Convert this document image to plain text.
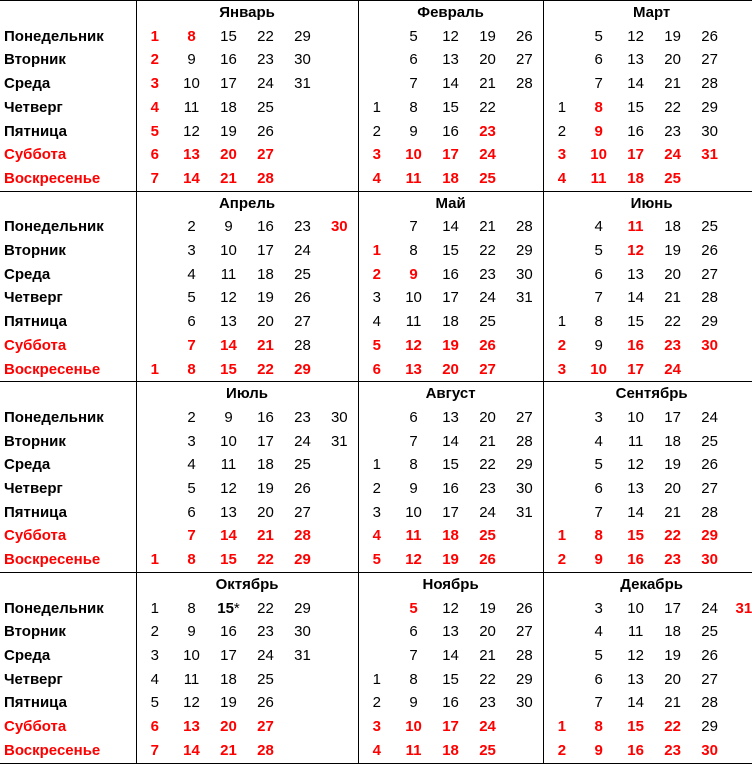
	Январь						Февраль					Март					
Понедельник	1	8	15	22	29			5	12	19	26		5	12	19	26	
Вторник	2	9	16	23	30			6	13	20	27		6	13	20	27	
Среда	3	10	17	24	31			7	14	21	28		7	14	21	28	
Четверг	4	11	18	25			1	8	15	22		1	8	15	22	29	
Пятница	5	12	19	26			2	9	16	23		2	9	16	23	30	
Суббота	6	13	20	27			3	10	17	24		3	10	17	24	31	
Воскресенье	7	14	21	28			4	11	18	25		4	11	18	25		
	Апрель						Май					Июнь					
Понедельник		2	9	16	23	30		7	14	21	28		4	11	18	25	
Вторник		3	10	17	24		1	8	15	22	29		5	12	19	26	
Среда		4	11	18	25		2	9	16	23	30		6	13	20	27	
Четверг		5	12	19	26		3	10	17	24	31		7	14	21	28	
Пятница		6	13	20	27		4	11	18	25		1	8	15	22	29	
Суббота		7	14	21	28		5	12	19	26		2	9	16	23	30	
Воскресенье	1	8	15	22	29		6	13	20	27		3	10	17	24		
	Июль						Август					Сентябрь					
Понедельник		2	9	16	23	30		6	13	20	27		3	10	17	24	
Вторник		3	10	17	24	31		7	14	21	28		4	11	18	25	
Среда		4	11	18	25		1	8	15	22	29		5	12	19	26	
Четверг		5	12	19	26		2	9	16	23	30		6	13	20	27	
Пятница		6	13	20	27		3	10	17	24	31		7	14	21	28	
Суббота		7	14	21	28		4	11	18	25		1	8	15	22	29	
Воскресенье	1	8	15	22	29		5	12	19	26		2	9	16	23	30	
	Октябрь						Ноябрь					Декабрь					
Понедельник	1	8	15*	22	29			5	12	19	26		3	10	17	24	31
Вторник	2	9	16	23	30			6	13	20	27		4	11	18	25	
Среда	3	10	17	24	31			7	14	21	28		5	12	19	26	
Четверг	4	11	18	25			1	8	15	22	29		6	13	20	27	
Пятница	5	12	19	26			2	9	16	23	30		7	14	21	28	
Суббота	6	13	20	27			3	10	17	24		1	8	15	22	29	
Воскресенье	7	14	21	28			4	11	18	25		2	9	16	23	30	
